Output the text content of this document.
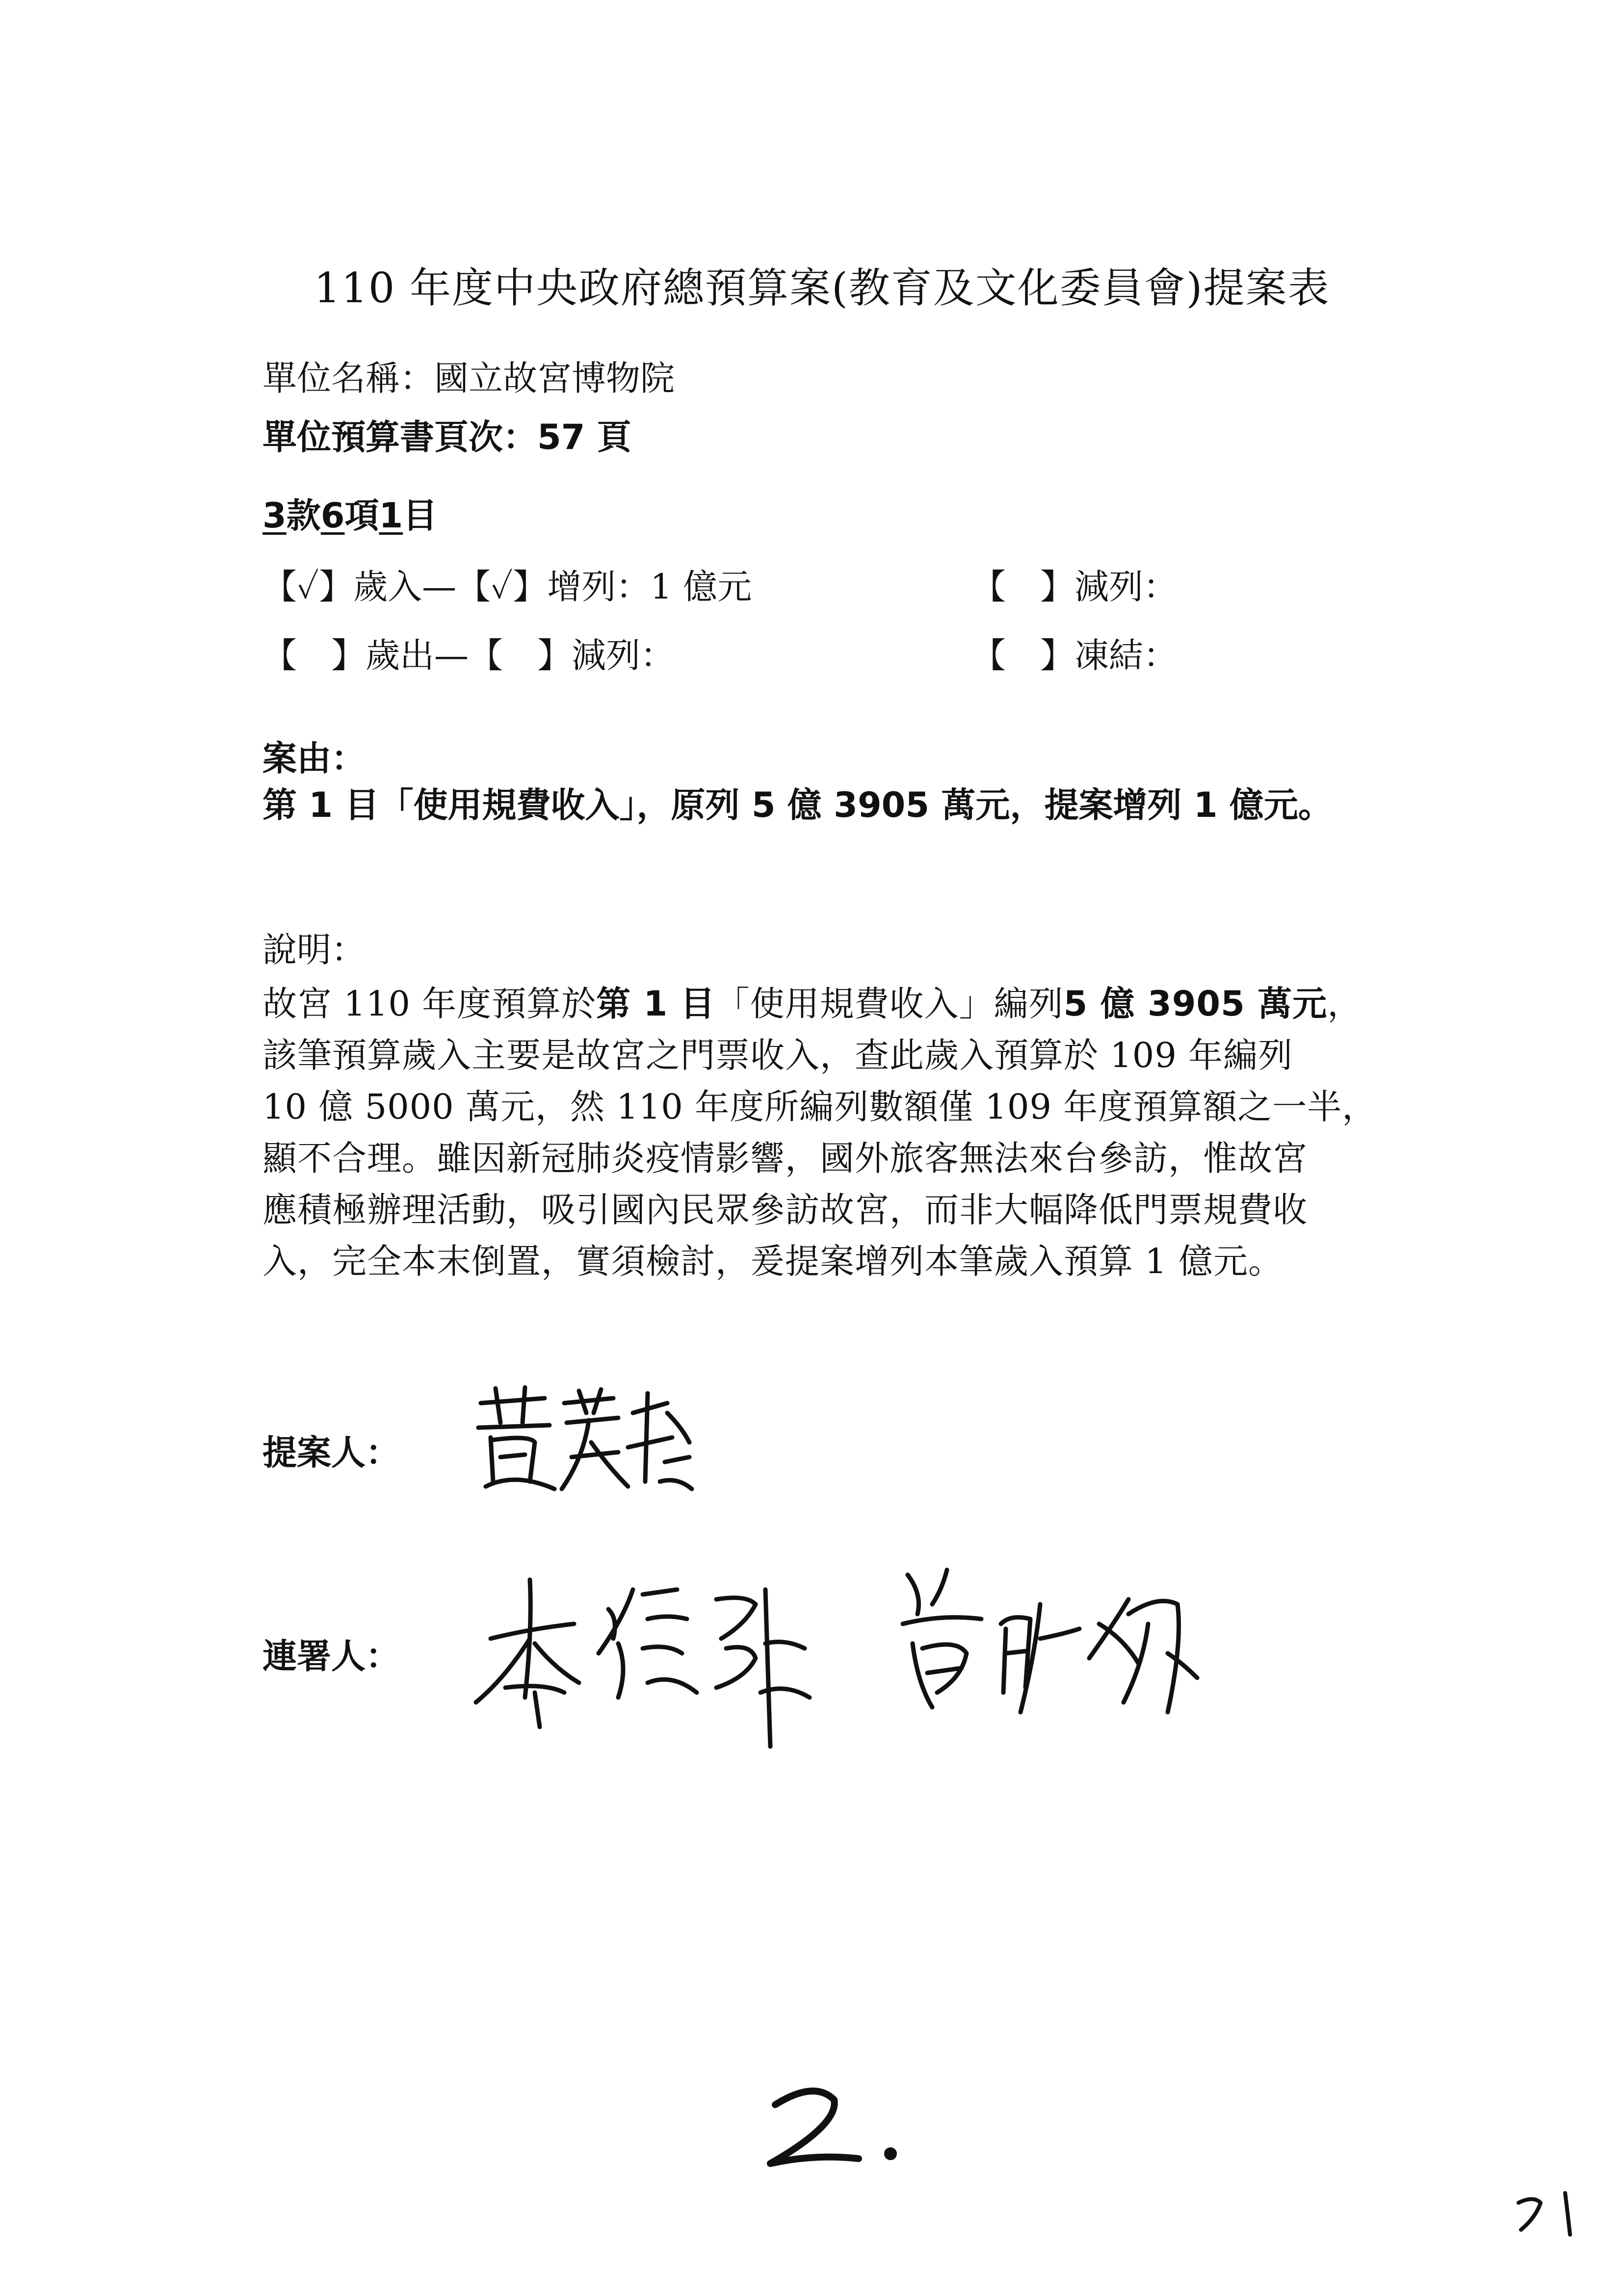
110 年度中央政府總預算案(教育及文化委員會)提案表
單位名稱：國立故宮博物院
單位預算書頁次：57 頁
3款6項1目
【✓】歲入—【✓】增列：1 億元	【　】減列：
【　】歲出—【　】減列：	【　】凍結：
案由：
第 1 目「使用規費收入」，原列 5 億 3905 萬元，提案增列 1 億元。
說明：
故宮 110 年度預算於第 1 目「使用規費收入」編列5 億 3905 萬元，
該筆預算歲入主要是故宮之門票收入，查此歲入預算於 109 年編列
10 億 5000 萬元，然 110 年度所編列數額僅 109 年度預算額之一半，
顯不合理。雖因新冠肺炎疫情影響，國外旅客無法來台參訪，惟故宮
應積極辦理活動，吸引國內民眾參訪故宮，而非大幅降低門票規費收
入，完全本末倒置，實須檢討，爰提案增列本筆歲入預算 1 億元。
提案人：
連署人：
